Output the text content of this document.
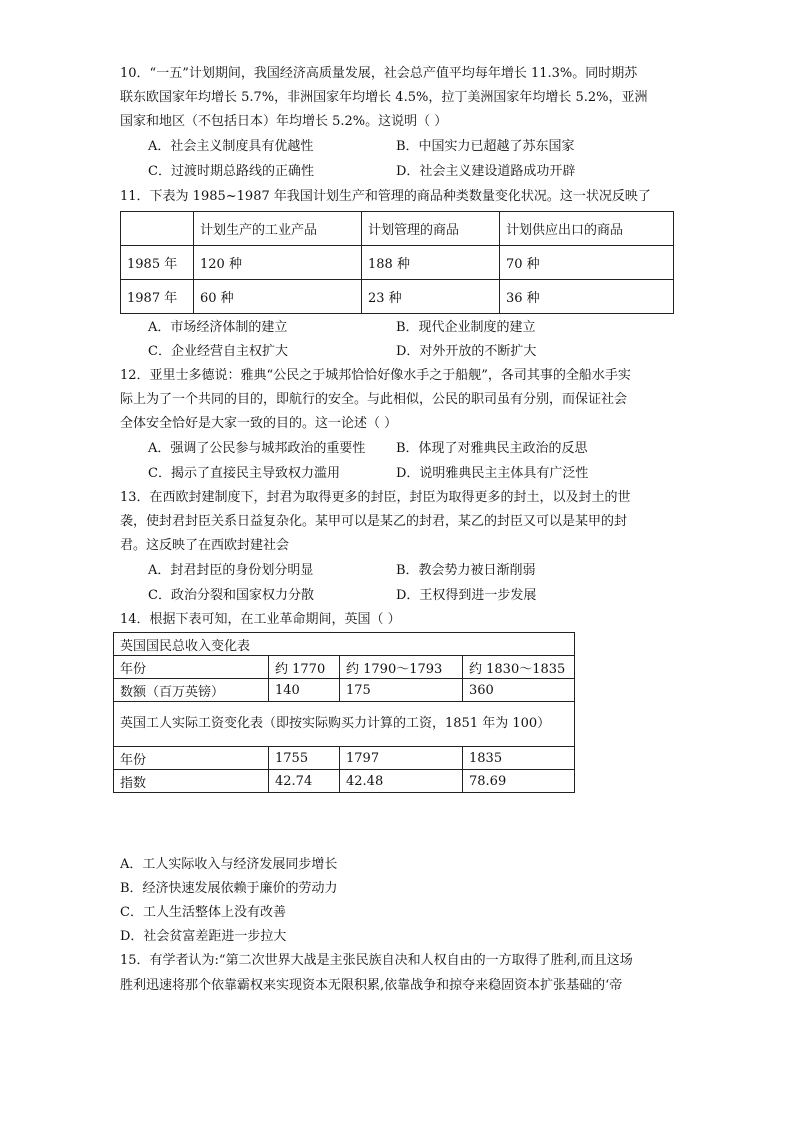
10．“一五”计划期间，我国经济高质量发展，社会总产值平均每年增长 11.3%。同时期苏
联东欧国家年均增长 5.7%，非洲国家年均增长 4.5%，拉丁美洲国家年均增长 5.2%，亚洲
国家和地区（不包括日本）年均增长 5.2%。这说明（ ）
A．社会主义制度具有优越性	B．中国实力已超越了苏东国家
C．过渡时期总路线的正确性	D．社会主义建设道路成功开辟
11．下表为 1985~1987 年我国计划生产和管理的商品种类数量变化状况。这一状况反映了
	计划生产的工业产品	计划管理的商品	计划供应出口的商品
1985 年	120 种	188 种	70 种
1987 年	60 种	23 种	36 种
A．市场经济体制的建立	B．现代企业制度的建立
C．企业经营自主权扩大	D．对外开放的不断扩大
12．亚里士多德说：雅典“公民之于城邦恰恰好像水手之于船舰”，各司其事的全船水手实
际上为了一个共同的目的，即航行的安全。与此相似，公民的职司虽有分别，而保证社会
全体安全恰好是大家一致的目的。这一论述（ ）
A．强调了公民参与城邦政治的重要性 B．体现了对雅典民主政治的反思
C．揭示了直接民主导致权力滥用	D．说明雅典民主主体具有广泛性
13．在西欧封建制度下，封君为取得更多的封臣，封臣为取得更多的封土，以及封土的世
袭，使封君封臣关系日益复杂化。某甲可以是某乙的封君，某乙的封臣又可以是某甲的封
君。这反映了在西欧封建社会
A．封君封臣的身份划分明显	B．教会势力被日渐削弱
C．政治分裂和国家权力分散	D．王权得到进一步发展
14．根据下表可知，在工业革命期间，英国（ ）
英国国民总收入变化表			
年份	约 1770	约 1790～1793	约 1830～1835
数额（百万英镑）	140	175	360
英国工人实际工资变化表（即按实际购买力计算的工资，1851 年为 100）			
年份	1755	1797	1835
指数	42.74	42.48	78.69
A．工人实际收入与经济发展同步增长
B．经济快速发展依赖于廉价的劳动力
C．工人生活整体上没有改善
D．社会贫富差距进一步拉大
15．有学者认为:“第二次世界大战是主张民族自决和人权自由的一方取得了胜利,而且这场
胜利迅速将那个依靠霸权来实现资本无限积累,依靠战争和掠夺来稳固资本扩张基础的‘帝
